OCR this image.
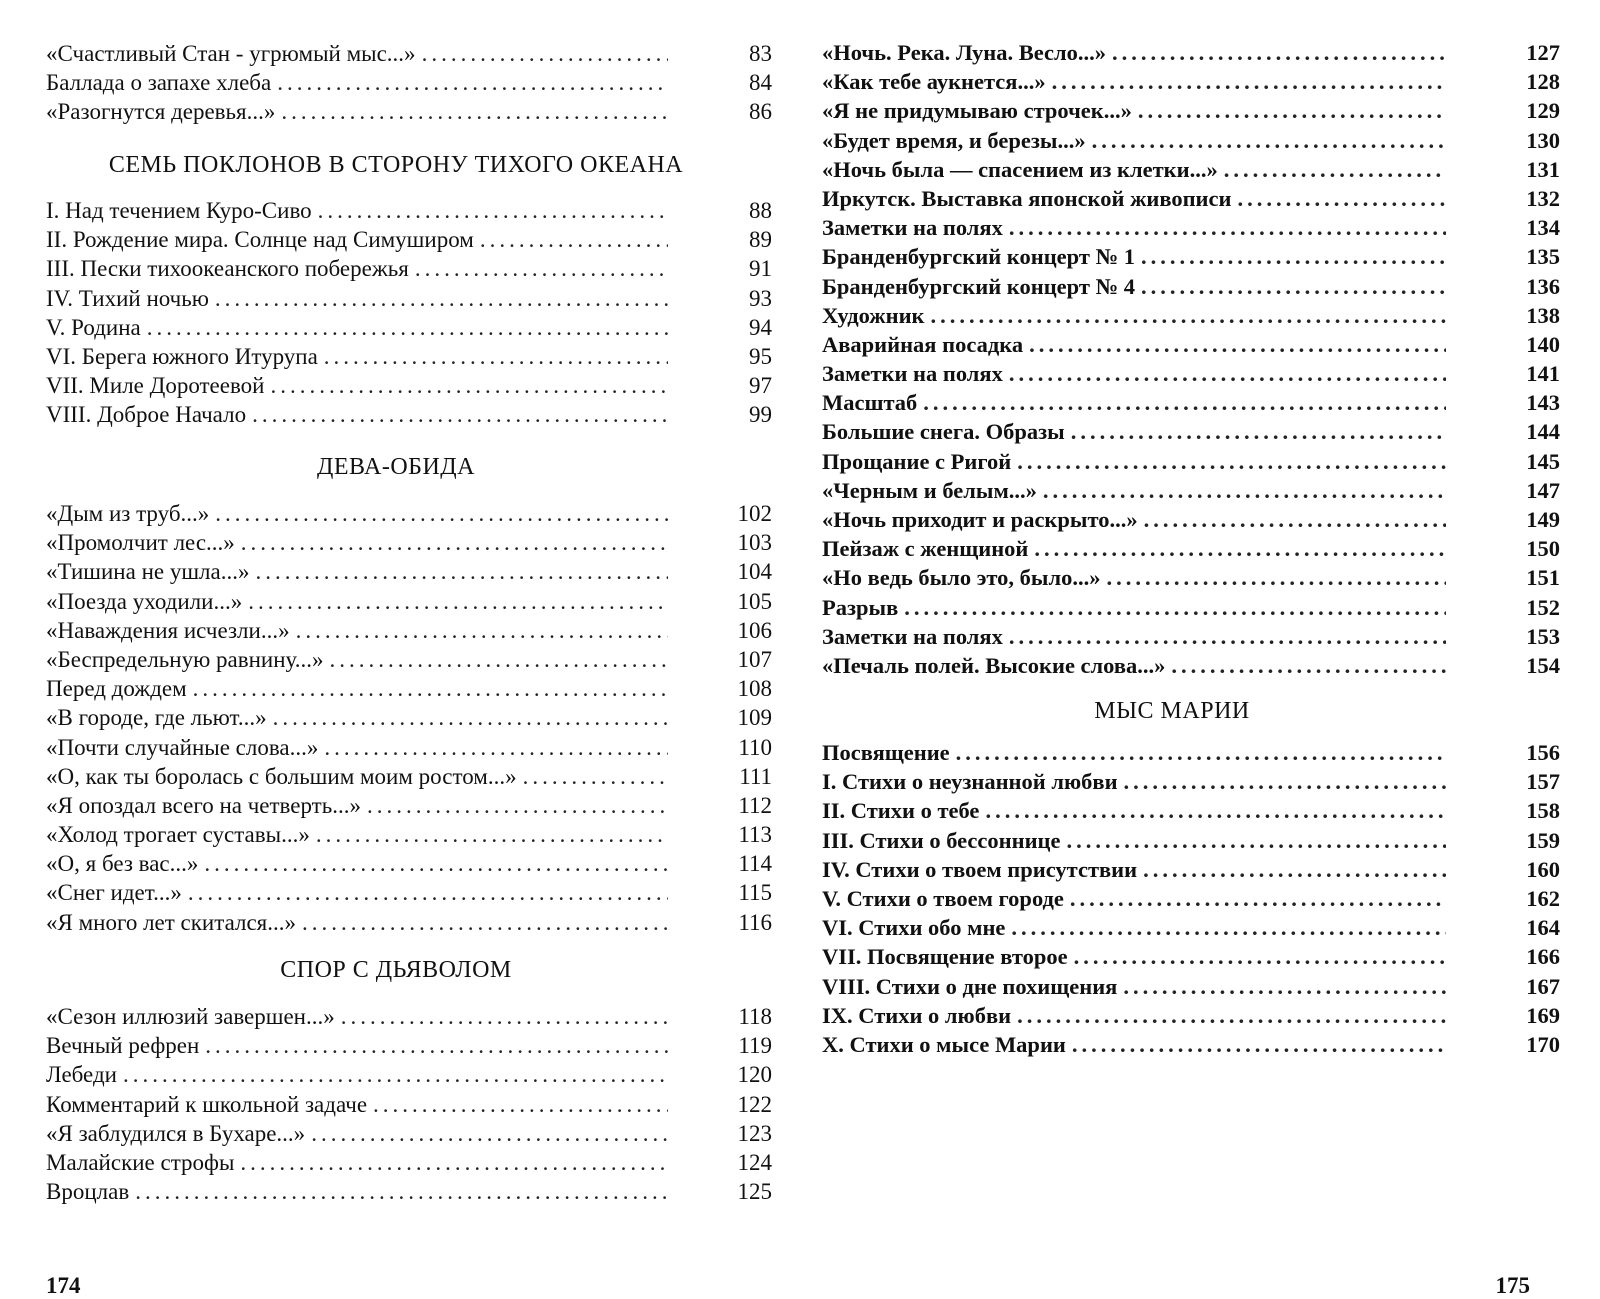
«Счастливый Стан - угрюмый мыс...» .....	83
Баллада о запахе хлеба .....	84
«Разогнутся деревья...» .....	86
СЕМЬ ПОКЛОНОВ В СТОРОНУ ТИХОГО ОКЕАНА
I. Над течением Куро-Сиво .....	88
II. Рождение мира. Солнце над Симуширом .....	89
III. Пески тихоокеанского побережья .....	91
IV. Тихий ночью .....	93
V. Родина .....	94
VI. Берега южного Итурупа .....	95
VII. Миле Доротеевой .....	97
VIII. Доброе Начало .....	99
ДЕВА-ОБИДА
«Дым из труб...» .....	102
«Промолчит лес...» .....	103
«Тишина не ушла...» .....	104
«Поезда уходили...» .....	105
«Наваждения исчезли...» .....	106
«Беспредельную равнину...» .....	107
Перед дождем .....	108
«В городе, где льют...» .....	109
«Почти случайные слова...» .....	110
«О, как ты боролась с большим моим ростом...» .....	111
«Я опоздал всего на четверть...» .....	112
«Холод трогает суставы...» .....	113
«О, я без вас...» .....	114
«Снег идет...» .....	115
«Я много лет скитался...» .....	116
СПОР С ДЬЯВОЛОМ
«Сезон иллюзий завершен...» .....	118
Вечный рефрен .....	119
Лебеди .....	120
Комментарий к школьной задаче .....	122
«Я заблудился в Бухаре...» .....	123
Малайские строфы .....	124
Вроцлав .....	125
«Ночь. Река. Луна. Весло...» .....	127
«Как тебе аукнется...» .....	128
«Я не придумываю строчек...» .....	129
«Будет время, и березы...» .....	130
«Ночь была — спасением из клетки...» .....	131
Иркутск. Выставка японской живописи .....	132
Заметки на полях .....	134
Бранденбургский концерт № 1 .....	135
Бранденбургский концерт № 4 .....	136
Художник .....	138
Аварийная посадка .....	140
Заметки на полях .....	141
Масштаб .....	143
Большие снега. Образы .....	144
Прощание с Ригой .....	145
«Черным и белым...» .....	147
«Ночь приходит и раскрыто...» .....	149
Пейзаж с женщиной .....	150
«Но ведь было это, было...» .....	151
Разрыв .....	152
Заметки на полях .....	153
«Печаль полей. Высокие слова...» .....	154
МЫС МАРИИ
Посвящение .....	156
I. Стихи о неузнанной любви .....	157
II. Стихи о тебе .....	158
III. Стихи о бессоннице .....	159
IV. Стихи о твоем присутствии .....	160
V. Стихи о твоем городе .....	162
VI. Стихи обо мне .....	164
VII. Посвящение второе .....	166
VIII. Стихи о дне похищения .....	167
IX. Стихи о любви .....	169
X. Стихи о мысе Марии .....	170
174	175
